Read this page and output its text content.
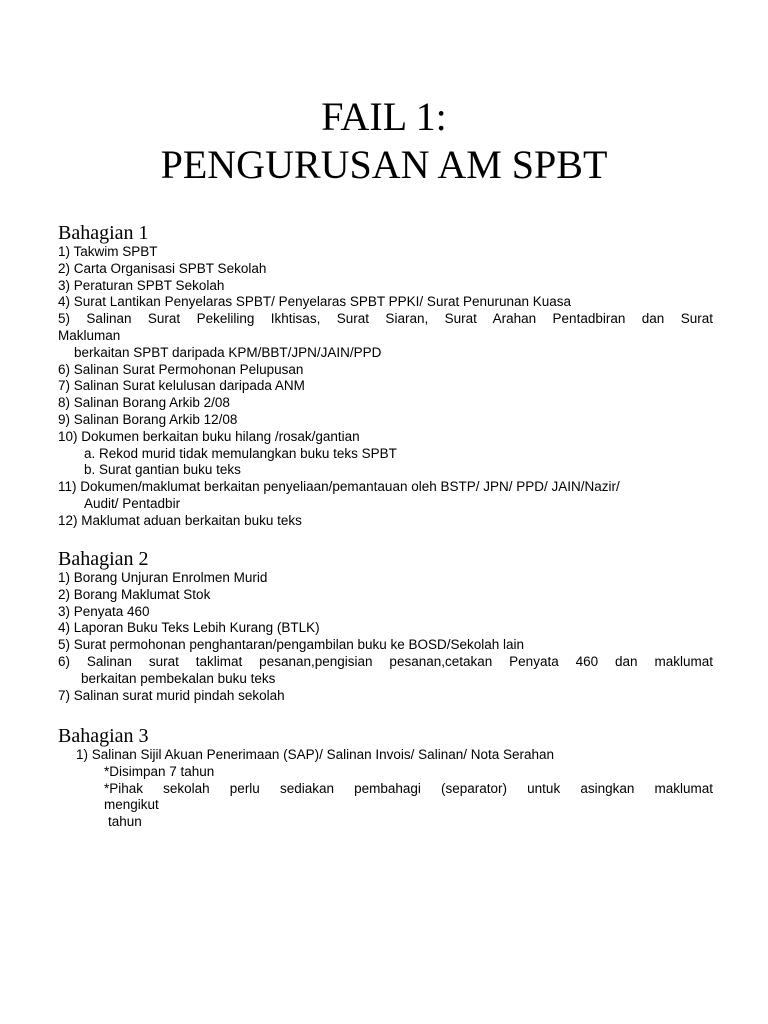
FAIL 1:
PENGURUSAN AM SPBT
Bahagian 1
1) Takwim SPBT
2) Carta Organisasi SPBT Sekolah
3) Peraturan SPBT Sekolah
4) Surat Lantikan Penyelaras SPBT/ Penyelaras SPBT PPKI/ Surat Penurunan Kuasa
5) Salinan Surat Pekeliling Ikhtisas, Surat Siaran, Surat Arahan Pentadbiran dan Surat
Makluman
berkaitan SPBT daripada KPM/BBT/JPN/JAIN/PPD
6) Salinan Surat Permohonan Pelupusan
7) Salinan Surat kelulusan daripada ANM
8) Salinan Borang Arkib 2/08
9) Salinan Borang Arkib 12/08
10) Dokumen berkaitan buku hilang /rosak/gantian
a. Rekod murid tidak memulangkan buku teks SPBT
b. Surat gantian buku teks
11) Dokumen/maklumat berkaitan penyeliaan/pemantauan oleh BSTP/ JPN/ PPD/ JAIN/Nazir/
Audit/ Pentadbir
12) Maklumat aduan berkaitan buku teks
Bahagian 2
1) Borang Unjuran Enrolmen Murid
2) Borang Maklumat Stok
3) Penyata 460
4) Laporan Buku Teks Lebih Kurang (BTLK)
5) Surat permohonan penghantaran/pengambilan buku ke BOSD/Sekolah lain
6) Salinan surat taklimat pesanan,pengisian pesanan,cetakan Penyata 460 dan maklumat
berkaitan pembekalan buku teks
7) Salinan surat murid pindah sekolah
Bahagian 3
1) Salinan Sijil Akuan Penerimaan (SAP)/ Salinan Invois/ Salinan/ Nota Serahan
*Disimpan 7 tahun
*Pihak sekolah perlu sediakan pembahagi (separator) untuk asingkan maklumat
mengikut
tahun
